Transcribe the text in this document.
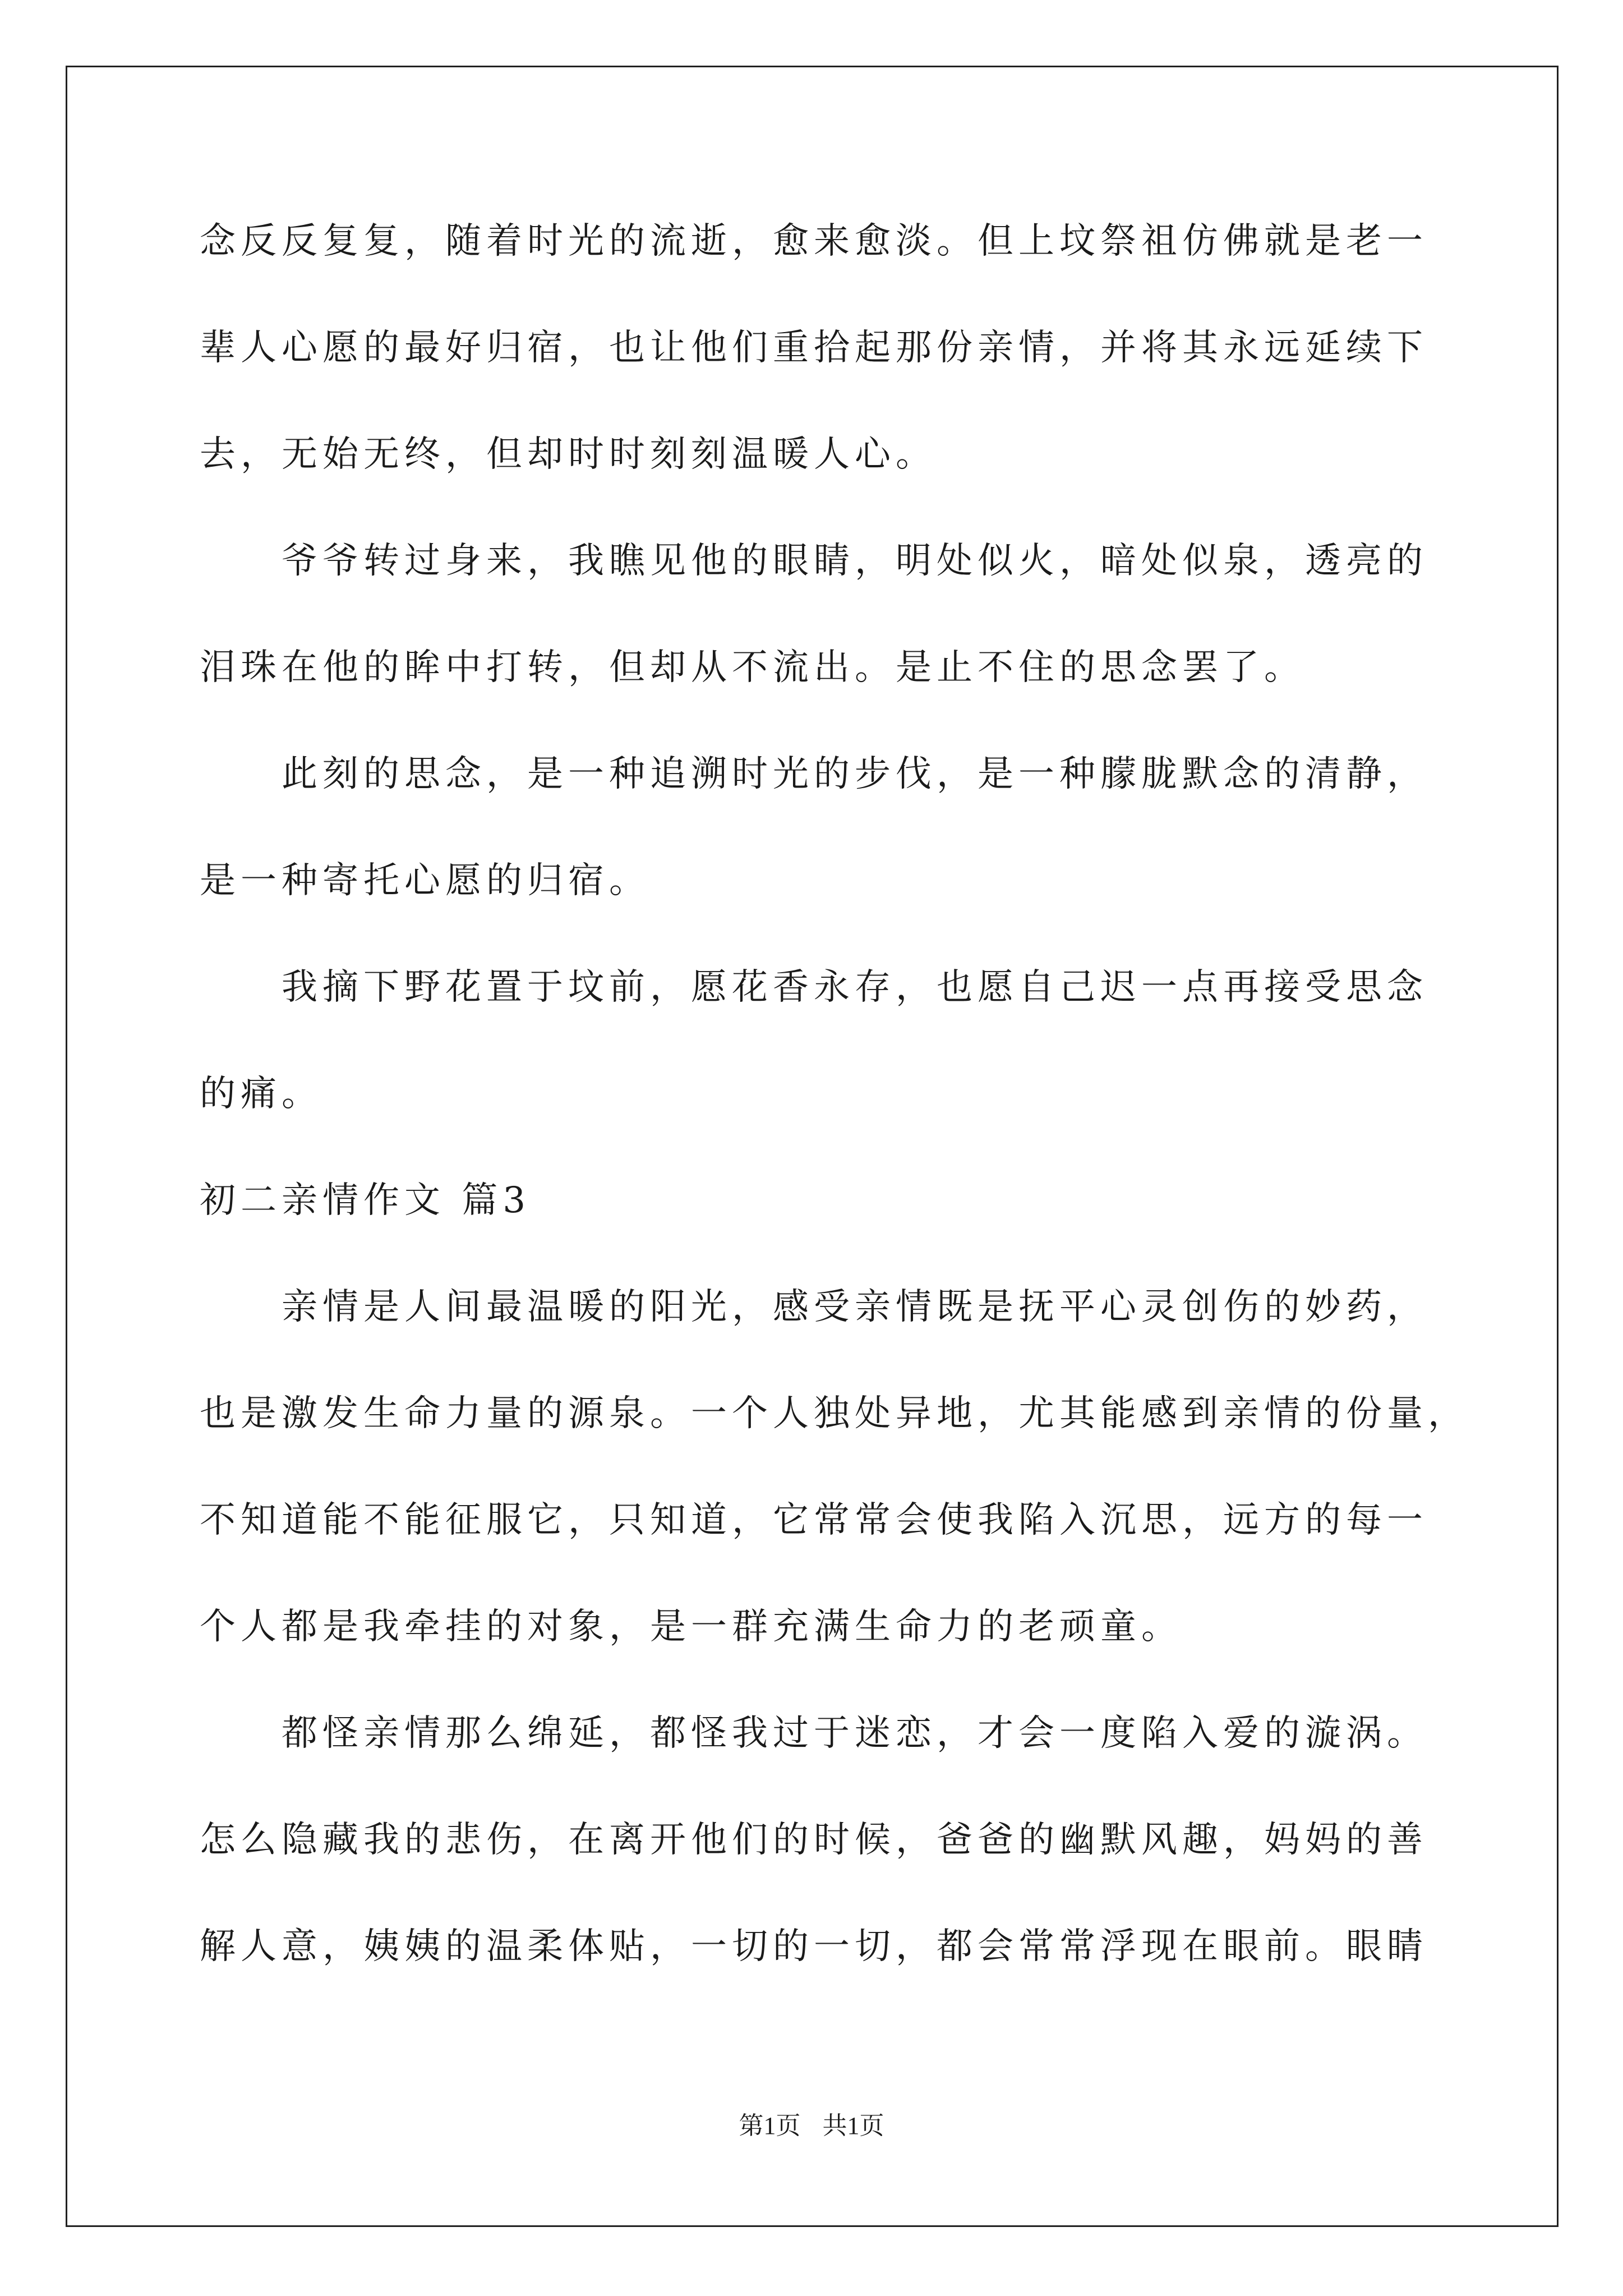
念反反复复，随着时光的流逝，愈来愈淡。但上坟祭祖仿佛就是老一
辈人心愿的最好归宿，也让他们重拾起那份亲情，并将其永远延续下
去，无始无终，但却时时刻刻温暖人心。
　　爷爷转过身来，我瞧见他的眼睛，明处似火，暗处似泉，透亮的
泪珠在他的眸中打转，但却从不流出。是止不住的思念罢了。
　　此刻的思念，是一种追溯时光的步伐，是一种朦胧默念的清静，
是一种寄托心愿的归宿。
　　我摘下野花置于坟前，愿花香永存，也愿自己迟一点再接受思念
的痛。
初二亲情作文 篇3
　　亲情是人间最温暖的阳光，感受亲情既是抚平心灵创伤的妙药，
也是激发生命力量的源泉。一个人独处异地，尤其能感到亲情的份量，
不知道能不能征服它，只知道，它常常会使我陷入沉思，远方的每一
个人都是我牵挂的对象，是一群充满生命力的老顽童。
　　都怪亲情那么绵延，都怪我过于迷恋，才会一度陷入爱的漩涡。
怎么隐藏我的悲伤，在离开他们的时候，爸爸的幽默风趣，妈妈的善
解人意，姨姨的温柔体贴，一切的一切，都会常常浮现在眼前。眼睛
第1页 共1页
